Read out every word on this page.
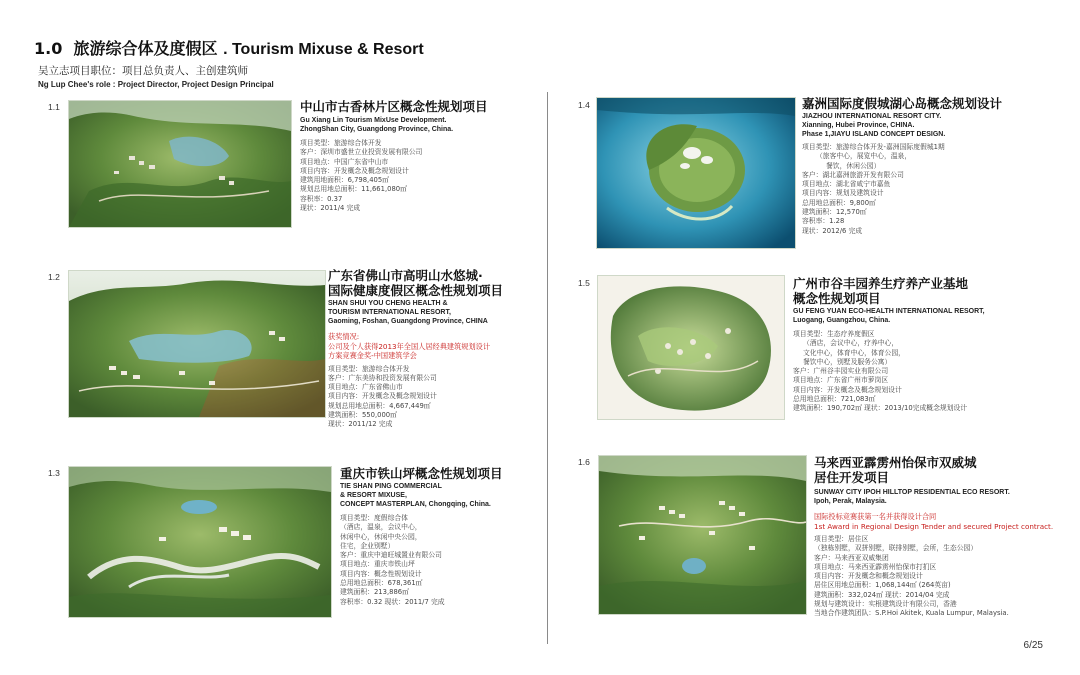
1.0 旅游综合体及度假区 . Tourism Mixuse & Resort
吴立志项目职位：项目总负责人、主创建筑师
Ng Lup Chee's role : Project Director, Project Design Principal
1.1	中山市古香林片区概念性规划项目
Gu Xiang Lin Tourism MixUse Development.
ZhongShan City, Guangdong Province, China.
项目类型：旅游综合体开发
客户：深圳市盛世立业投资发展有限公司
项目地点：中国广东省中山市
项目内容：开发概念及概念规划设计
建筑用地面积：6,798,405㎡
规划总用地总面积：11,661,080㎡
容积率：0.37
现状：2011/4 完成
1.2	广东省佛山市高明山水悠城·
国际健康度假区概念性规划项目
SHAN SHUI YOU CHENG HEALTH &
TOURISM INTERNATIONAL RESORT,
Gaoming, Foshan, Guangdong Province, CHINA
获奖情况:
公司及个人获得2013年全国人居经典建筑规划设计
方案竞赛金奖-中国建筑学会
项目类型：旅游综合体开发
客户：广东美协和投资发展有限公司
项目地点：广东省佛山市
项目内容：开发概念及概念规划设计
规划总用地总面积：4,667,449㎡
建筑面积：550,000㎡
现状：2011/12 完成
1.3	重庆市铁山坪概念性规划项目
TIE SHAN PING COMMERCIAL
& RESORT MIXUSE,
CONCEPT MASTERPLAN, Chongqing, China.
项目类型：度假综合体
（酒店，温泉，会议中心，
休闲中心，休闲中央公园，
住宅，企业别墅）
客户：重庆中迪旺城置业有限公司
项目地点：重庆市铁山坪
项目内容：概念性规划设计
总用地总面积：678,361㎡
建筑面积：213,886㎡
容积率：0.32 现状：2011/7 完成
1.4	嘉洲国际度假城湖心岛概念规划设计
JIAZHOU INTERNATIONAL RESORT CITY.
Xianning, Hubei Province, CHINA.
Phase 1,JIAYU ISLAND CONCEPT DESIGN.
项目类型：旅游综合体开发-嘉洲国际度假城1期
（旅客中心，展览中心，温泉，
餐饮，休闲公园）
客户：湖北嘉洲旅游开发有限公司
项目地点：湖北省咸宁市嘉鱼
项目内容：规划及建筑设计
总用地总面积：9,800㎡
建筑面积：12,570㎡
容积率：1.28
现状：2012/6 完成
1.5	广州市谷丰园养生疗养产业基地
概念性规划项目
GU FENG YUAN ECO-HEALTH INTERNATIONAL RESORT,
Luogang, Guangzhou, China.
项目类型：生态疗养度假区
（酒店，会议中心，疗养中心，
文化中心，体育中心，体育公园，
餐饮中心，别墅及服务公寓）
客户：广州谷丰园实业有限公司
项目地点：广东省广州市萝岗区
项目内容：开发概念及概念规划设计
总用地总面积：721,083㎡
建筑面积：190,702㎡ 现状：2013/10完成概念规划设计
1.6	马来西亚霹雳州怡保市双威城
居住开发项目
SUNWAY CITY IPOH HILLTOP RESIDENTIAL ECO RESORT.
Ipoh, Perak, Malaysia.
国际投标竞赛获第一名并获得设计合同
1st Award in Regional Design Tender and secured Project contract.
项目类型：居住区
（独栋别墅，双拼别墅，联排别墅，会所，生态公园）
客户：马来西亚双威集团
项目地点：马来西亚霹雳州怡保市打扪区
项目内容：开发概念和概念规划设计
居住区用地总面积：1,068,144㎡ (264英亩)
建筑面积：332,024㎡ 现状：2014/04 完成
规划与建筑设计：实根建筑设计有限公司，香港
当地合作建筑团队：S.P.Hoi Akitek, Kuala Lumpur, Malaysia.
6/25
